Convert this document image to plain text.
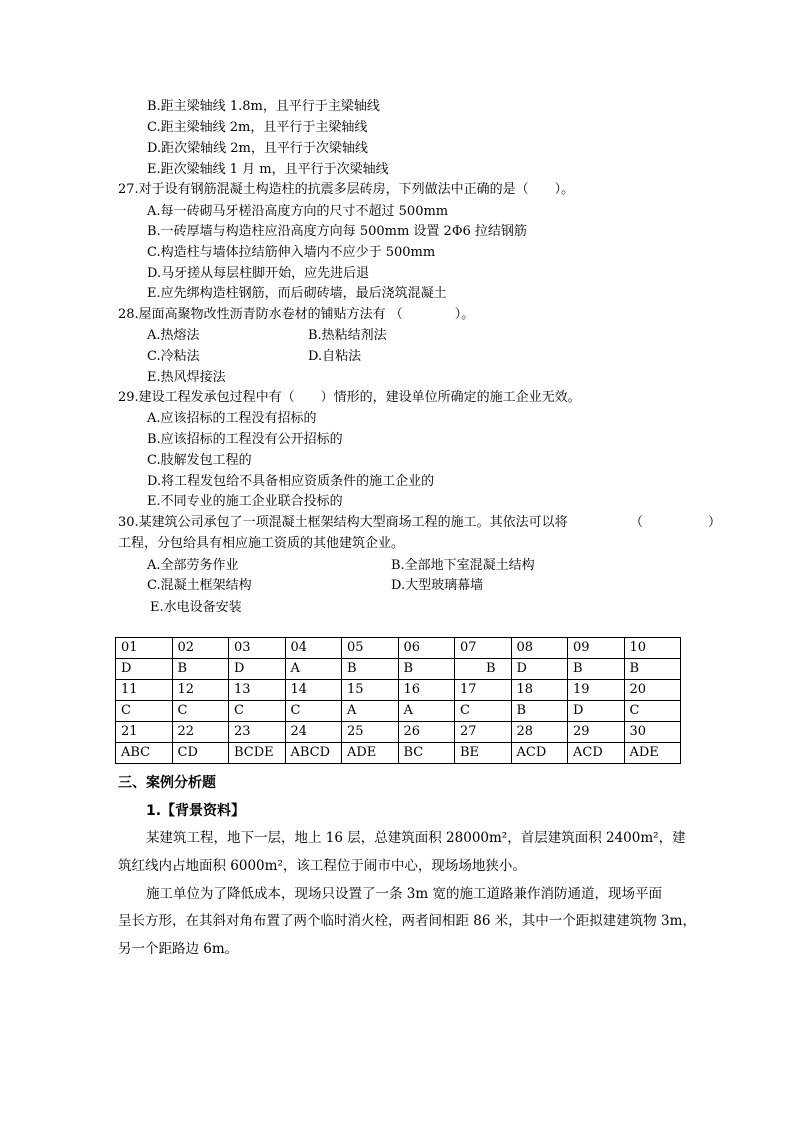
B.距主梁轴线 1.8m，且平行于主梁轴线
C.距主梁轴线 2m，且平行于主梁轴线
D.距次梁轴线 2m，且平行于次梁轴线
E.距次梁轴线 1 月 m，且平行于次梁轴线
27.对于设有钢筋混凝土构造柱的抗震多层砖房，下列做法中正确的是（　　）。
A.每一砖砌马牙槎沿高度方向的尺寸不超过 500mm
B.一砖厚墙与构造柱应沿高度方向每 500mm 设置 2Φ6 拉结钢筋
C.构造柱与墙体拉结筋伸入墙内不应少于 500mm
D.马牙搓从每层柱脚开始，应先进后退
E.应先绑构造柱钢筋，而后砌砖墙，最后浇筑混凝土
28.屋面高聚物改性沥青防水卷材的铺贴方法有 （　　　　）。
A.热熔法	B.热粘结剂法
C.冷粘法	D.自粘法
E.热风焊接法
29.建设工程发承包过程中有（　　）情形的，建设单位所确定的施工企业无效。
A.应该招标的工程没有招标的
B.应该招标的工程没有公开招标的
C.肢解发包工程的
D.将工程发包给不具备相应资质条件的施工企业的
E.不同专业的施工企业联合投标的
30.某建筑公司承包了一项混凝土框架结构大型商场工程的施工。其依法可以将	（　　　　　）
工程，分包给具有相应施工资质的其他建筑企业。
A.全部劳务作业	B.全部地下室混凝土结构
C.混凝土框架结构	D.大型玻璃幕墙
E.水电设备安装
01	02	03	04	05	06	07	08	09	10
D	B	D	A	B	B	　　B	D	B	B
11	12	13	14	15	16	17	18	19	20
C	C	C	C	A	A	C	B	D	C
21	22	23	24	25	26	27	28	29	30
ABC	CD	BCDE	ABCD	ADE	BC	BE	ACD	ACD	ADE
三、案例分析题
1.【背景资料】
某建筑工程，地下一层，地上 16 层，总建筑面积 28000m²，首层建筑面积 2400m²，建
筑红线内占地面积 6000m²，该工程位于闹市中心，现场场地狭小。
施工单位为了降低成本，现场只设置了一条 3m 宽的施工道路兼作消防通道，现场平面
呈长方形，在其斜对角布置了两个临时消火栓，两者间相距 86 米，其中一个距拟建建筑物 3m，
另一个距路边 6m。
